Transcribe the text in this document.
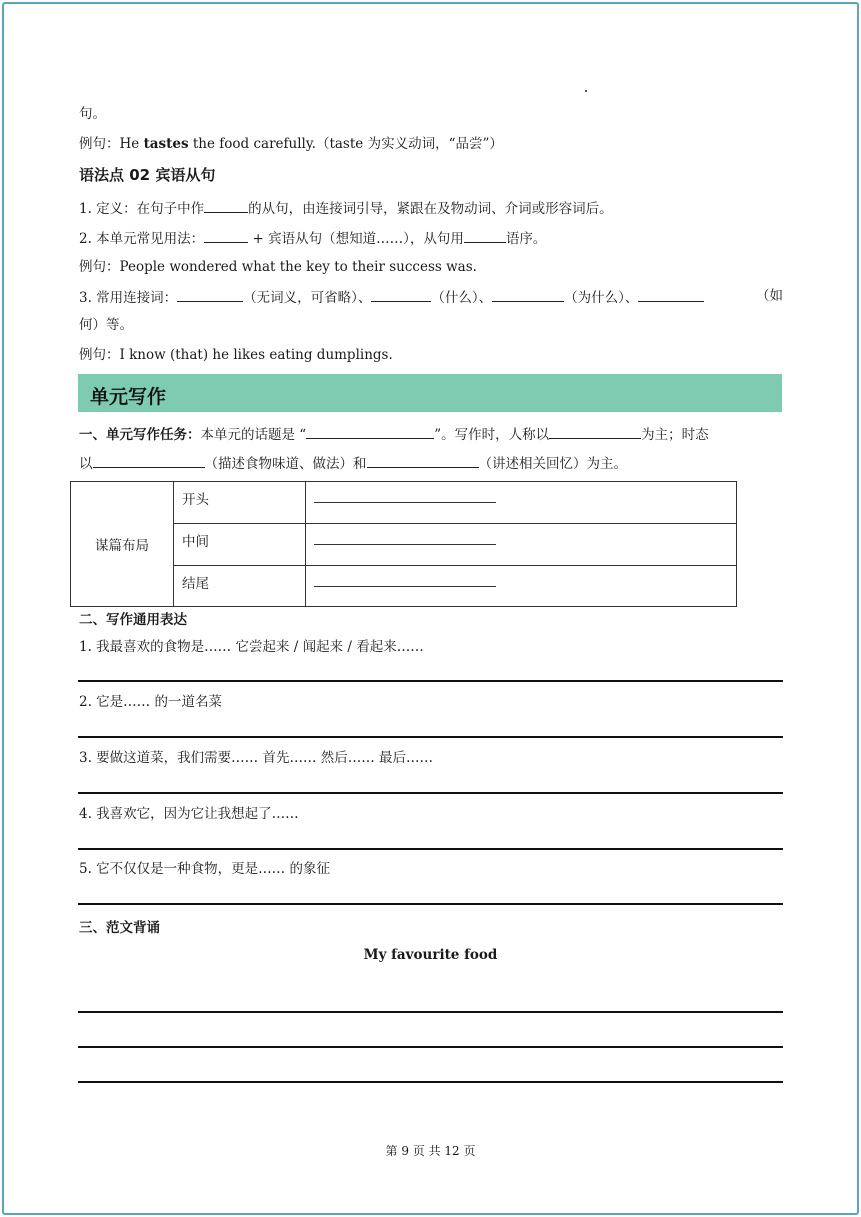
句。
例句：He tastes the food carefully.（taste 为实义动词，“品尝”）
语法点 02 宾语从句
1. 定义：在句子中作	的从句，由连接词引导，紧跟在及物动词、介词或形容词后。
2. 本单元常见用法：	+ 宾语从句（想知道……），从句用	语序。
例句：People wondered what the key to their success was.
3. 常用连接词：	（无词义，可省略）、	（什么）、	（为什么）、	（如
何）等。
例句：I know (that) he likes eating dumplings.
单元写作
一、单元写作任务：本单元的话题是 “	”。写作时，人称以	为主；时态
以	（描述食物味道、做法）和	（讲述相关回忆）为主。
谋篇布局	开头	

	中间	

	结尾	
二、写作通用表达
1. 我最喜欢的食物是…… 它尝起来 / 闻起来 / 看起来……
2. 它是…… 的一道名菜
3. 要做这道菜，我们需要…… 首先…… 然后…… 最后……
4. 我喜欢它，因为它让我想起了……
5. 它不仅仅是一种食物，更是…… 的象征
三、范文背诵
My favourite food
第 9 页 共 12 页
